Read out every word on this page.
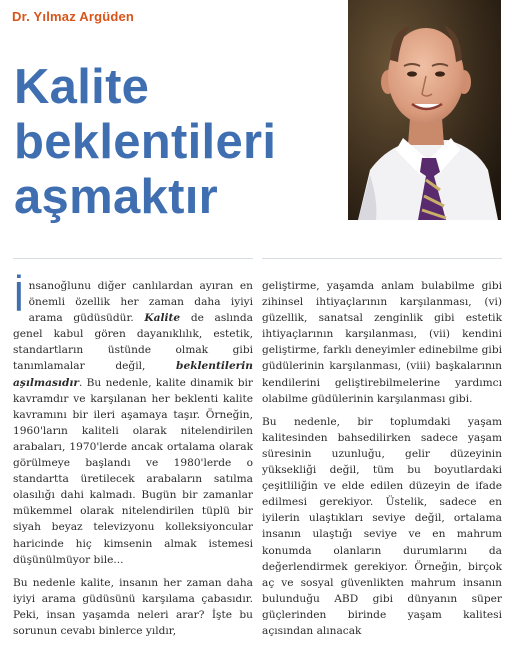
Dr. Yılmaz Argüden
Kalite
beklentileri
aşmaktır

İnsanoğlunu diğer canlılardan ayıran en önemli özellik her zaman daha iyiyi arama güdüsüdür. Kalite de aslında genel kabul gören dayanıklılık, estetik, standartların üstünde olmak gibi tanımlamalar değil, beklentilerin aşılmasıdır. Bu nedenle, kalite dinamik bir kavramdır ve karşılanan her beklenti kalite kavramını bir ileri aşamaya taşır. Örneğin, 1960'ların kaliteli olarak nitelendirilen arabaları, 1970'lerde ancak ortalama olarak görülmeye başlandı ve 1980'lerde o standartta üretilecek arabaların satılma olasılığı dahi kalmadı. Bugün bir zamanlar mükemmel olarak nitelendirilen tüplü bir siyah beyaz televizyonu kolleksiyoncular haricinde hiç kimsenin almak istemesi düşünülmüyor bile...

Bu nedenle kalite, insanın her zaman daha iyiyi arama güdüsünü karşılama çabasıdır. Peki, insan yaşamda neleri arar? İşte bu sorunun cevabı binlerce yıldır,

geliştirme, yaşamda anlam bulabilme gibi zihinsel ihtiyaçlarının karşılanması, (vi) güzellik, sanatsal zenginlik gibi estetik ihtiyaçlarının karşılanması, (vii) kendini geliştirme, farklı deneyimler edinebilme gibi güdülerinin karşılanması, (viii) başkalarının kendilerini geliştirebilmelerine yardımcı olabilme güdülerinin karşılanması gibi.

Bu nedenle, bir toplumdaki yaşam kalitesinden bahsedilirken sadece yaşam süresinin uzunluğu, gelir düzeyinin yüksekliği değil, tüm bu boyutlardaki çeşitliliğin ve elde edilen düzeyin de ifade edilmesi gerekiyor. Üstelik, sadece en iyilerin ulaştıkları seviye değil, ortalama insanın ulaştığı seviye ve en mahrum konumda olanların durumlarını da değerlendirmek gerekiyor. Örneğin, birçok aç ve sosyal güvenlikten mahrum insanın bulunduğu ABD gibi dünyanın süper güçlerinden birinde yaşam kalitesi açısından alınacak
